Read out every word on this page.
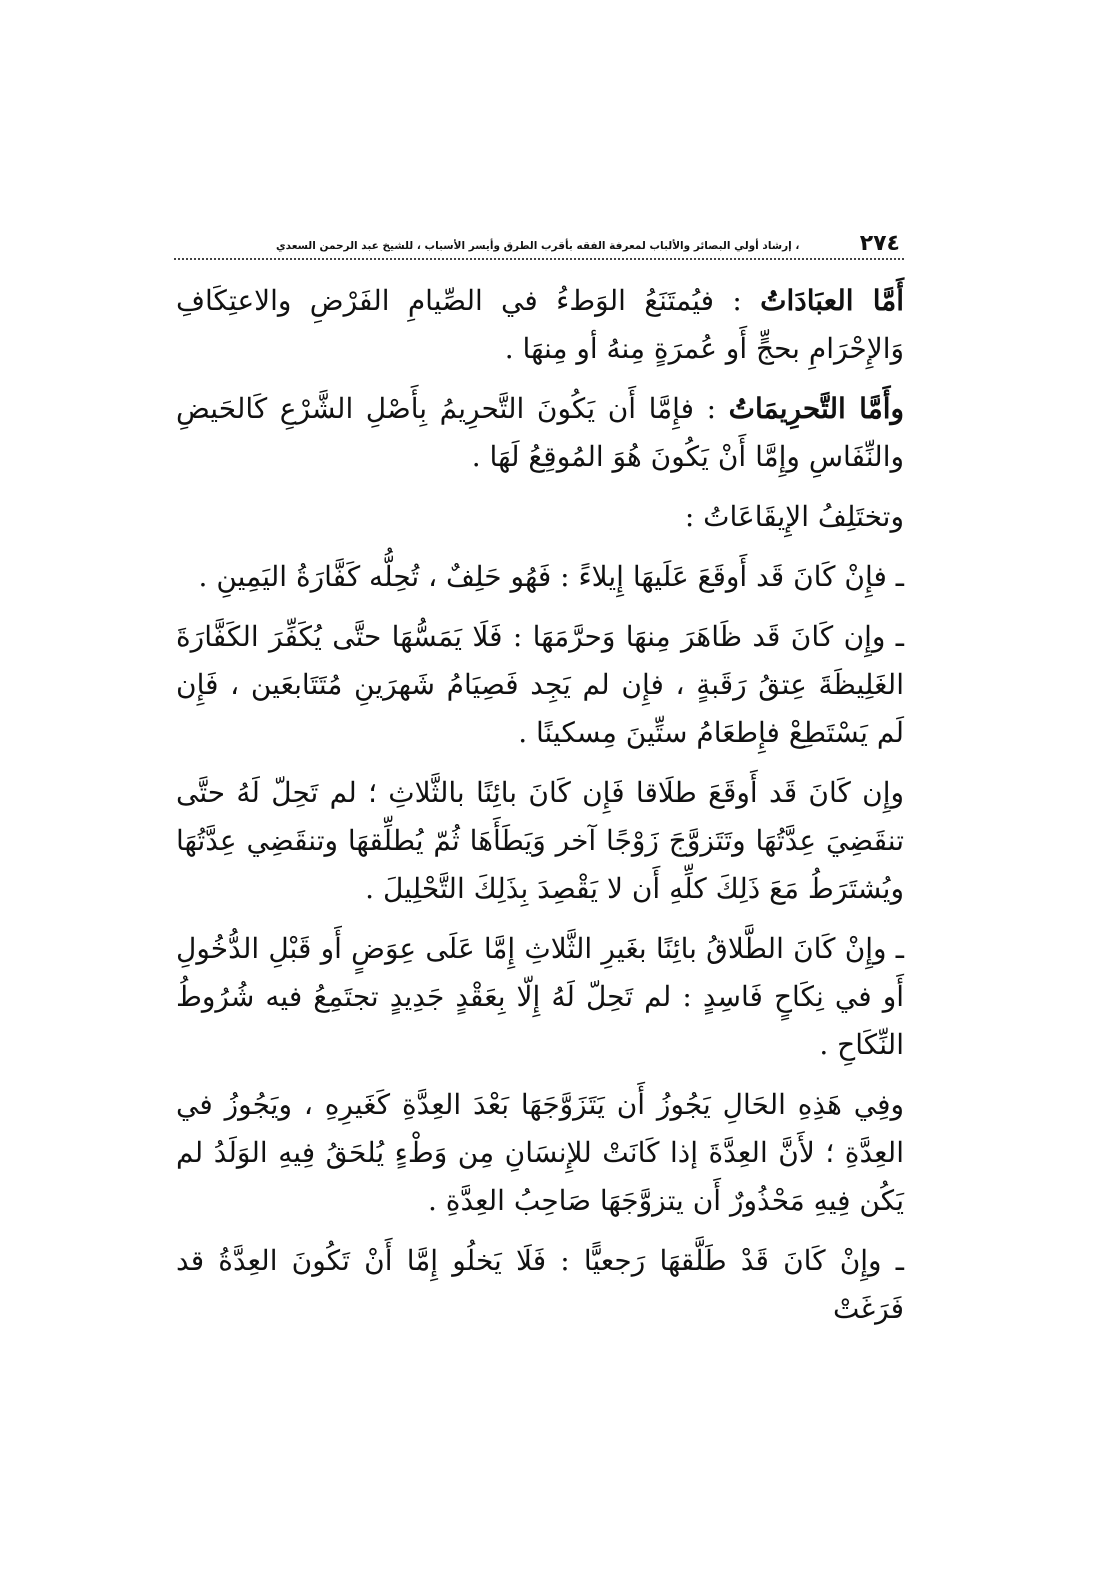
٢٧٤
، إرشاد أولي البصائر والألباب لمعرفة الفقه بأقرب الطرق وأيسر الأسباب ، للشيخ عبد الرحمن السعدي

أَمَّا العبَادَاتُ : فيُمتَنَعُ الوَطءُ في الصِّيامِ الفَرْضِ والاعتِكَافِ وَالإِحْرَامِ بحجٍّ أَو عُمرَةٍ مِنهُ أو مِنهَا .

وأَمَّا التَّحرِيمَاتُ : فإِمَّا أَن يَكُونَ التَّحرِيمُ بِأَصْلِ الشَّرْعِ كَالحَيضِ والنِّفَاسِ وإِمَّا أَنْ يَكُونَ هُوَ المُوقِعُ لَهَا .

وتختَلِفُ الإِيقَاعَاتُ :

ـ فإِنْ كَانَ قَد أَوقَعَ عَلَيهَا إِيلاءً : فَهُو حَلِفٌ ، تُحِلُّه كَفَّارَةُ اليَمِينِ .

ـ وإِن كَانَ قَد ظَاهَرَ مِنهَا وَحرَّمَهَا : فَلَا يَمَسُّهَا حتَّى يُكَفِّرَ الكَفَّارَةَ الغَلِيظَةَ عِتقُ رَقَبةٍ ، فإِن لم يَجِد فَصِيَامُ شَهرَينِ مُتَتَابعَين ، فَإِن لَم يَسْتَطِعْ فإِطعَامُ ستِّينَ مِسكينًا .

وإِن كَانَ قَد أَوقَعَ طلَاقا فَإِن كَانَ بائِنًا بالثَّلاثِ ؛ لم تَحِلّ لَهُ حتَّى تنقَضِيَ عِدَّتُهَا وتَتَزوَّجَ زَوْجًا آخر وَيَطَأَهَا ثُمّ يُطلِّقهَا وتنقَضِي عِدَّتُهَا ويُشتَرَطُ مَعَ ذَلِكَ كلِّهِ أَن لا يَقْصِدَ بِذَلِكَ التَّحْلِيلَ .

ـ وإِنْ كَانَ الطَّلاقُ بائِنًا بغَيرِ الثَّلاثِ إِمَّا عَلَى عِوَضٍ أَو قَبْلِ الدُّخُولِ أَو في نِكَاحٍ فَاسِدٍ : لم تَحِلّ لَهُ إِلّا بِعَقْدٍ جَدِيدٍ تجتَمِعُ فيه شُرُوطُ النِّكَاحِ .

وفِي هَذِهِ الحَالِ يَجُوزُ أَن يَتَزَوَّجَهَا بَعْدَ العِدَّةِ كَغَيرِهِ ، ويَجُوزُ في العِدَّةِ ؛ لأَنَّ العِدَّةَ إذا كَانَتْ للإِنسَانِ مِن وَطْءٍ يُلحَقُ فِيهِ الوَلَدُ لم يَكُن فِيهِ مَحْذُورٌ أَن يتزوَّجَهَا صَاحِبُ العِدَّةِ .

ـ وإِنْ كَانَ قَدْ طَلَّقهَا رَجعيًّا : فَلَا يَخلُو إِمَّا أَنْ تَكُونَ العِدَّةُ قد فَرَغَتْ
